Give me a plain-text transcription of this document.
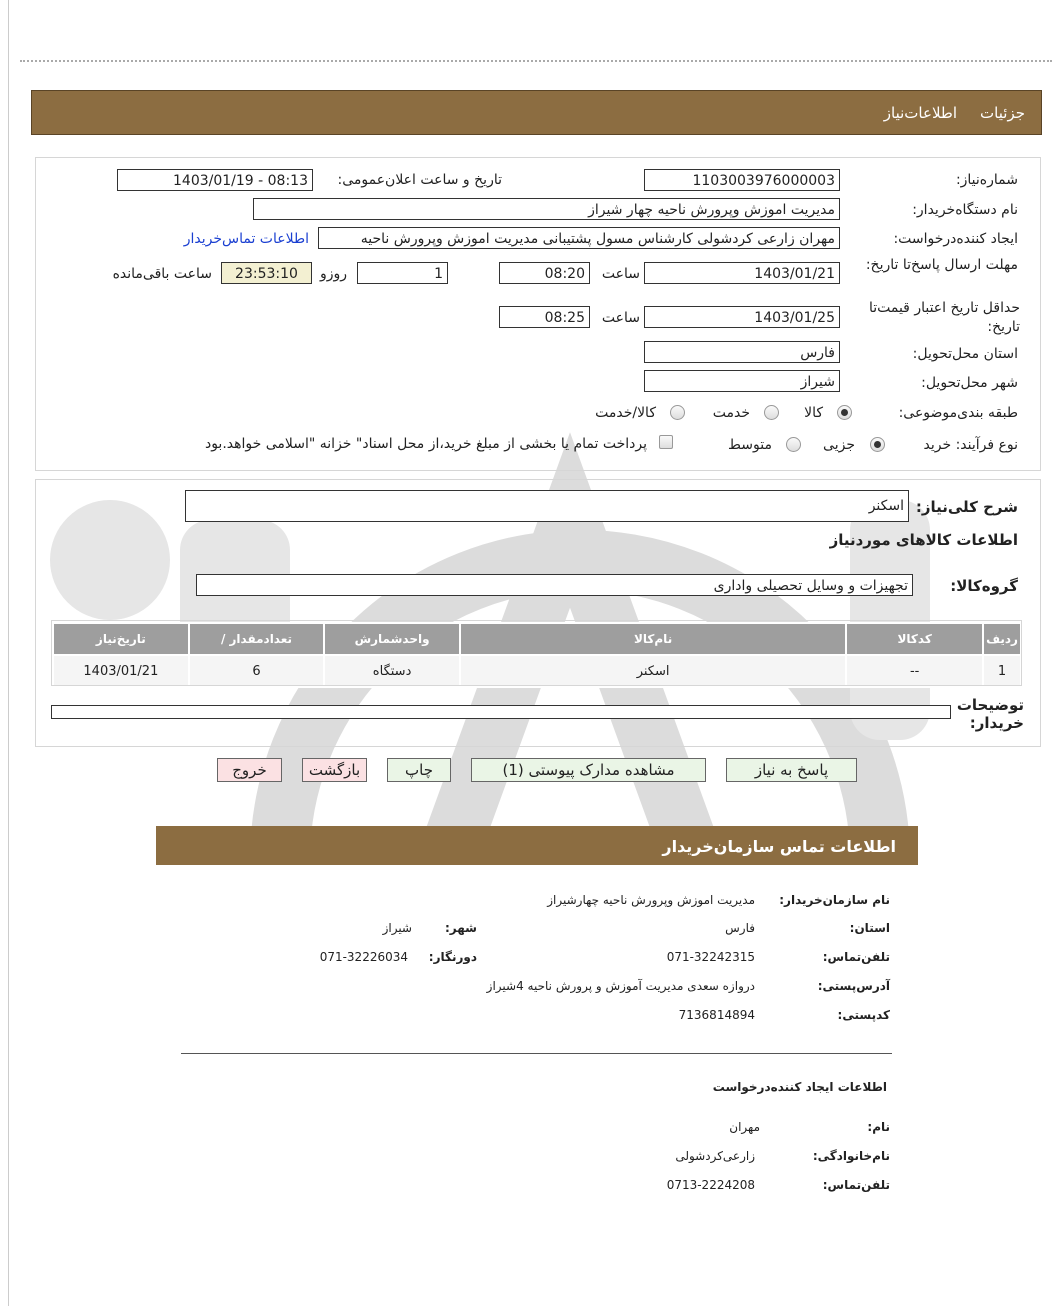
جزئیات
اطلاعات‌نیاز
شماره‌نیاز:
1103003976000003
تاریخ و ساعت اعلان‌عمومی:
1403/01/19 - 08:13
نام دستگاه‌خریدار:
مدیریت اموزش وپرورش ناحیه چهار شیراز
ایجاد کننده‌درخواست:
مهران زارعی کردشولی کارشناس مسول پشتیبانی مدیریت اموزش وپرورش ناحیه
اطلاعات تماس‌خریدار
مهلت ارسال پاسخ‌تا تاریخ:
1403/01/21
ساعت
08:20
1
روزو
23:53:10
ساعت باقی‌مانده
حداقل تاریخ اعتبار قیمت‌تا تاریخ:
1403/01/25
ساعت
08:25
استان محل‌تحویل:
فارس
شهر محل‌تحویل:
شیراز
طبقه بندی‌موضوعی:
کالا
خدمت
کالا/خدمت
نوع فرآیند: خرید
جزیی
متوسط
پرداخت تمام یا بخشی از مبلغ خرید،از محل اسناد" خزانه "اسلامی خواهد.بود
شرح کلی‌نیاز:
اسکنر
اطلاعات کالاهای موردنیاز
گروه‌کالا:
تجهیزات و وسایل تحصیلی واداری
ردیف	کدکالا	نام‌کالا	واحدشمارش	تعدادمقدار /	تاریخ‌نیاز
1	--	اسکنر	دستگاه	6	1403/01/21
توضیحات خریدار:
پاسخ به نیاز
مشاهده مدارک پیوستی (1)
چاپ
بازگشت
خروج
اطلاعات تماس سازمان‌خریدار
نام سازمان‌خریدار:
مدیریت اموزش وپرورش ناحیه چهارشیراز
استان:
فارس
شهر:
شیراز
تلفن‌تماس:
071-32242315
دورنگار:
071-32226034
آدرس‌پستی:
دروازه سعدی مدیریت آموزش و پرورش ناحیه 4شیراز
کدپستی:
7136814894
اطلاعات ایجاد کننده‌درخواست
نام:
مهران
نام‌خانوادگی:
زارعی‌کردشولی
تلفن‌تماس:
0713-2224208
